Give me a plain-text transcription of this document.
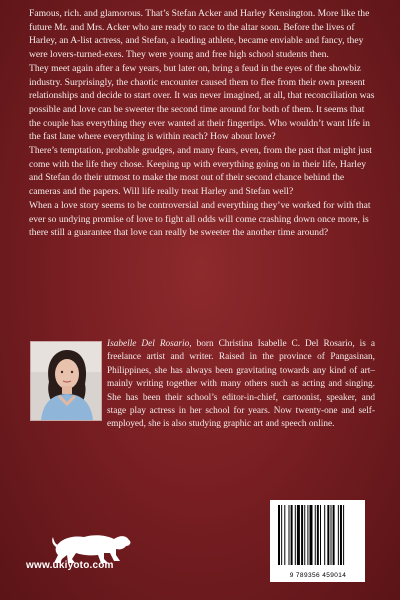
Famous, rich. and glamorous. That’s Stefan Acker and Harley Kensington. More like the future Mr. and Mrs. Acker who are ready to race to the altar soon. Before the lives of Harley, an A-list actress, and Stefan, a leading athlete, became enviable and fancy, they were lovers-turned-exes. They were young and free high school students then.

They meet again after a few years, but later on, bring a feud in the eyes of the showbiz industry. Surprisingly, the chaotic encounter caused them to flee from their own present relationships and decide to start over. It was never imagined, at all, that reconciliation was possible and love can be sweeter the second time around for both of them. It seems that the couple has everything they ever wanted at their fingertips. Who wouldn’t want life in the fast lane where everything is within reach? How about love?

There’s temptation, probable grudges, and many fears, even, from the past that might just come with the life they chose. Keeping up with everything going on in their life, Harley and Stefan do their utmost to make the most out of their second chance behind the cameras and the papers. Will life really treat Harley and Stefan well?

When a love story seems to be controversial and everything they’ve worked for with that ever so undying promise of love to fight all odds will come crashing down once more, is there still a guarantee that love can really be sweeter the another time around?

Isabelle Del Rosario, born Christina Isabelle C. Del Rosario, is a freelance artist and writer. Raised in the province of Pangasinan, Philippines, she has always been gravitating towards any kind of art–mainly writing together with many others such as acting and singing. She has been their school’s editor-in-chief, cartoonist, speaker, and stage play actress in her school for years. Now twenty-one and self-employed, she is also studying graphic art and speech online.
www.ukiyoto.com
9 789356 459014
